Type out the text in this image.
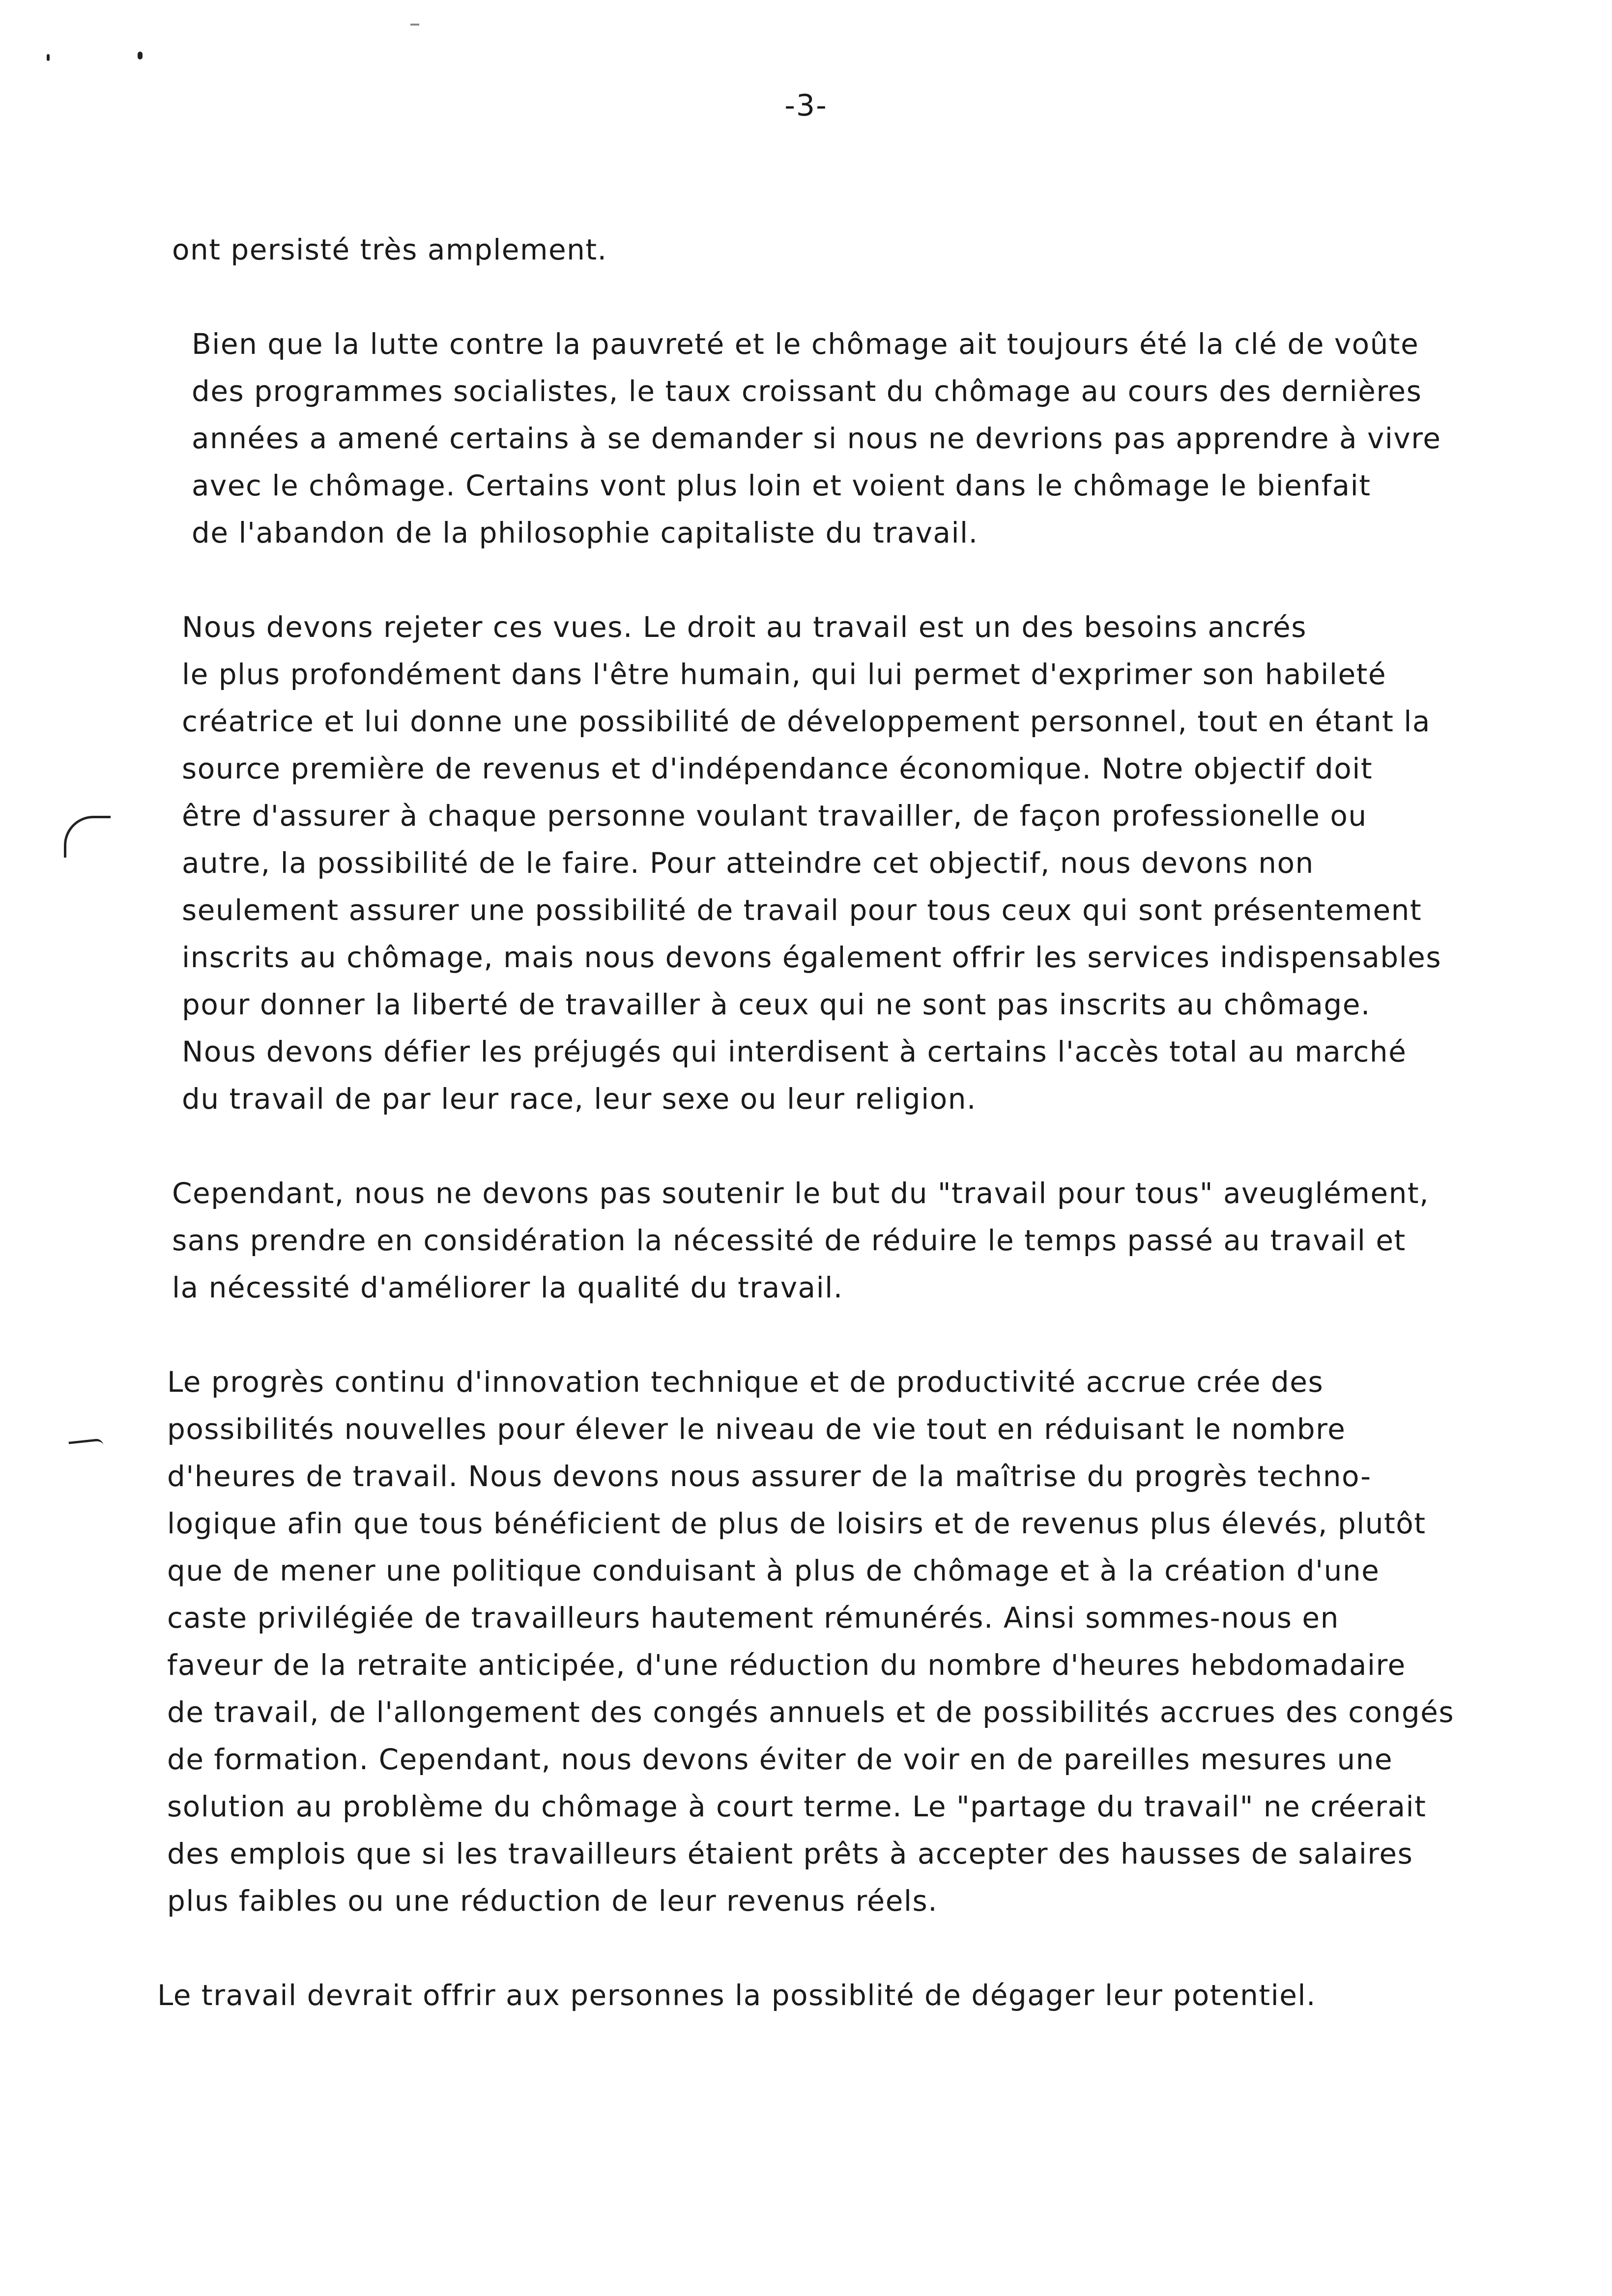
-3-

ont persisté très amplement.

Bien que la lutte contre la pauvreté et le chômage ait toujours été la clé de voûte
des programmes socialistes, le taux croissant du chômage au cours des dernières
années a amené certains à se demander si nous ne devrions pas apprendre à vivre
avec le chômage. Certains vont plus loin et voient dans le chômage le bienfait
de l'abandon de la philosophie capitaliste du travail.

Nous devons rejeter ces vues. Le droit au travail est un des besoins ancrés
le plus profondément dans l'être humain, qui lui permet d'exprimer son habileté
créatrice et lui donne une possibilité de développement personnel, tout en étant la
source première de revenus et d'indépendance économique. Notre objectif doit
être d'assurer à chaque personne voulant travailler, de façon professionelle ou
autre, la possibilité de le faire. Pour atteindre cet objectif, nous devons non
seulement assurer une possibilité de travail pour tous ceux qui sont présentement
inscrits au chômage, mais nous devons également offrir les services indispensables
pour donner la liberté de travailler à ceux qui ne sont pas inscrits au chômage.
Nous devons défier les préjugés qui interdisent à certains l'accès total au marché
du travail de par leur race, leur sexe ou leur religion.

Cependant, nous ne devons pas soutenir le but du "travail pour tous" aveuglément,
sans prendre en considération la nécessité de réduire le temps passé au travail et
la nécessité d'améliorer la qualité du travail.

Le progrès continu d'innovation technique et de productivité accrue crée des
possibilités nouvelles pour élever le niveau de vie tout en réduisant le nombre
d'heures de travail. Nous devons nous assurer de la maîtrise du progrès techno-
logique afin que tous bénéficient de plus de loisirs et de revenus plus élevés, plutôt
que de mener une politique conduisant à plus de chômage et à la création d'une
caste privilégiée de travailleurs hautement rémunérés. Ainsi sommes-nous en
faveur de la retraite anticipée, d'une réduction du nombre d'heures hebdomadaire
de travail, de l'allongement des congés annuels et de possibilités accrues des congés
de formation. Cependant, nous devons éviter de voir en de pareilles mesures une
solution au problème du chômage à court terme. Le "partage du travail" ne créerait
des emplois que si les travailleurs étaient prêts à accepter des hausses de salaires
plus faibles ou une réduction de leur revenus réels.

Le travail devrait offrir aux personnes la possiblité de dégager leur potentiel.
